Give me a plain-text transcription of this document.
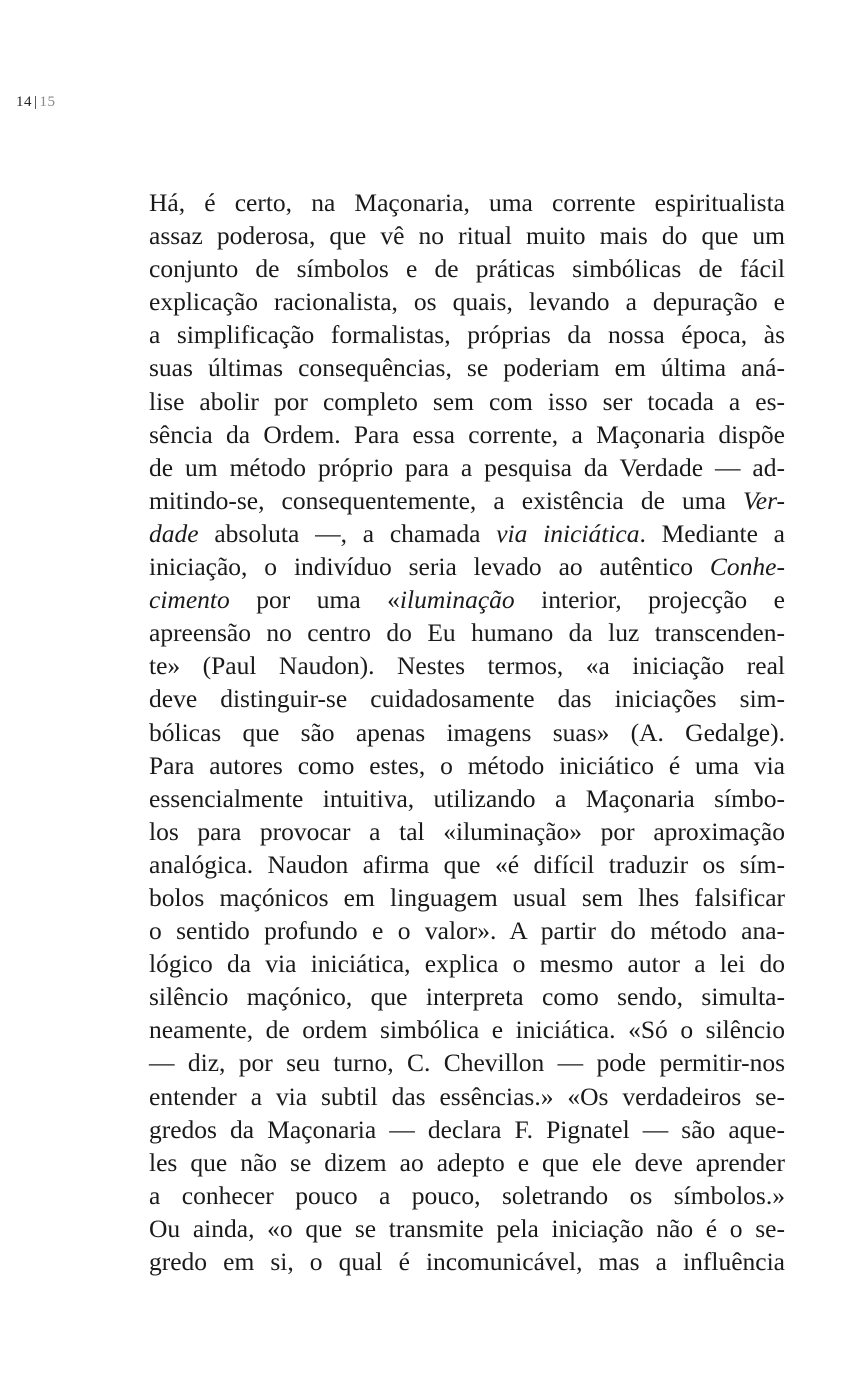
14 | 15
Há, é certo, na Maçonaria, uma corrente espiritualista
assaz poderosa, que vê no ritual muito mais do que um
conjunto de símbolos e de práticas simbólicas de fácil
explicação racionalista, os quais, levando a depuração e
a simplificação formalistas, próprias da nossa época, às
suas últimas consequências, se poderiam em última aná-
lise abolir por completo sem com isso ser tocada a es-
sência da Ordem. Para essa corrente, a Maçonaria dispõe
de um método próprio para a pesquisa da Verdade — ad-
mitindo-se, consequentemente, a existência de uma Ver-
dade absoluta —, a chamada via iniciática. Mediante a
iniciação, o indivíduo seria levado ao autêntico Conhe-
cimento por uma «iluminação interior, projecção e
apreensão no centro do Eu humano da luz transcenden-
te» (Paul Naudon). Nestes termos, «a iniciação real
deve distinguir-se cuidadosamente das iniciações sim-
bólicas que são apenas imagens suas» (A. Gedalge).
Para autores como estes, o método iniciático é uma via
essencialmente intuitiva, utilizando a Maçonaria símbo-
los para provocar a tal «iluminação» por aproximação
analógica. Naudon afirma que «é difícil traduzir os sím-
bolos maçónicos em linguagem usual sem lhes falsificar
o sentido profundo e o valor». A partir do método ana-
lógico da via iniciática, explica o mesmo autor a lei do
silêncio maçónico, que interpreta como sendo, simulta-
neamente, de ordem simbólica e iniciática. «Só o silêncio
— diz, por seu turno, C. Chevillon — pode permitir-nos
entender a via subtil das essências.» «Os verdadeiros se-
gredos da Maçonaria — declara F. Pignatel — são aque-
les que não se dizem ao adepto e que ele deve aprender
a conhecer pouco a pouco, soletrando os símbolos.»
Ou ainda, «o que se transmite pela iniciação não é o se-
gredo em si, o qual é incomunicável, mas a influência
